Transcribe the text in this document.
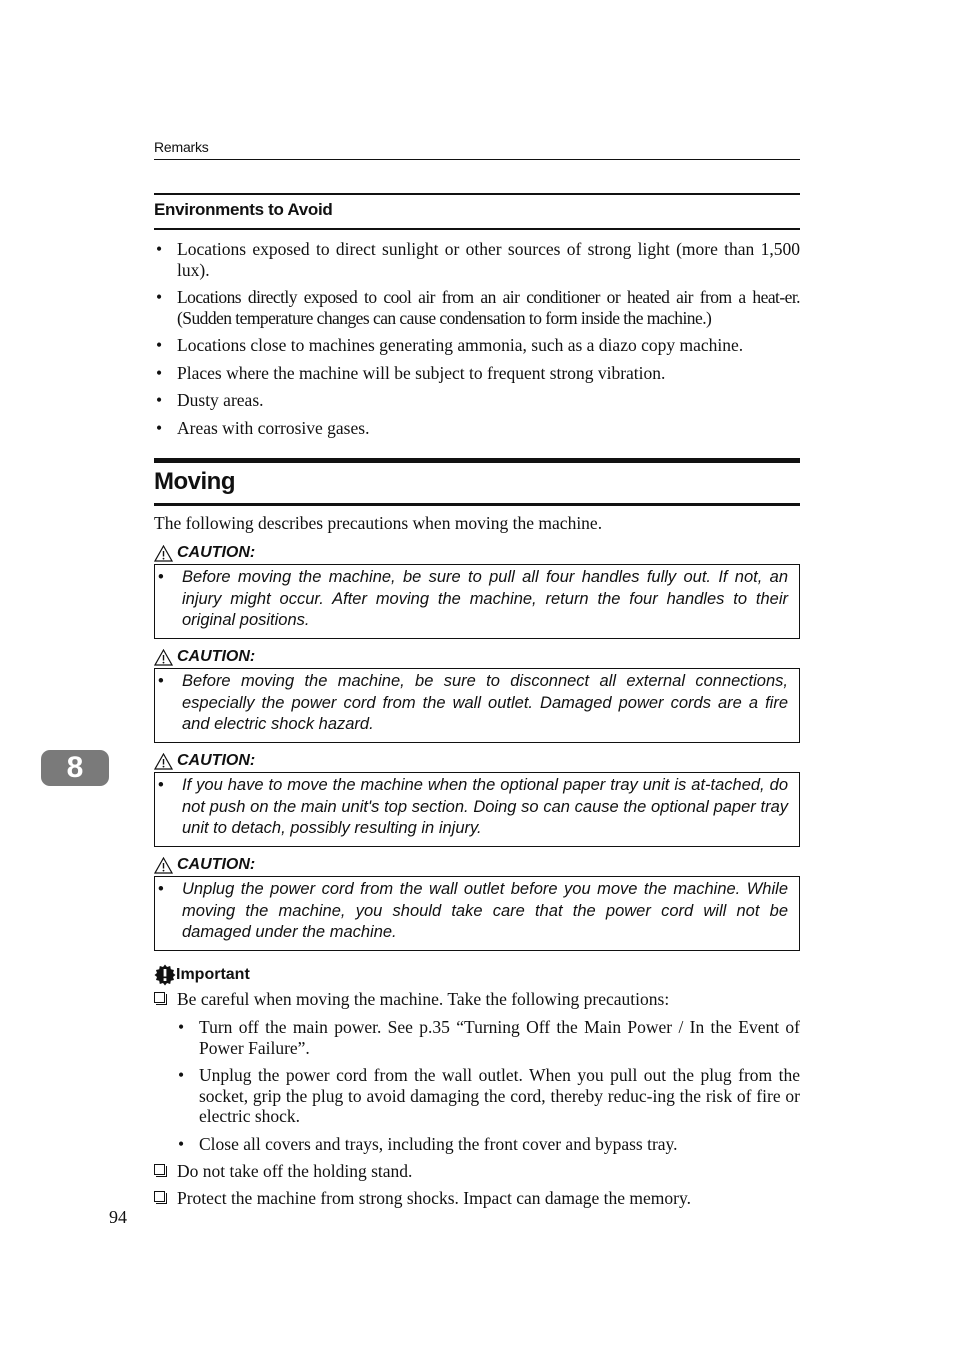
Remarks
Environments to Avoid
• Locations exposed to direct sunlight or other sources of strong light (more than 1,500 lux).
• Locations directly exposed to cool air from an air conditioner or heated air from a heat-er. (Sudden temperature changes can cause condensation to form inside the machine.)
• Locations close to machines generating ammonia, such as a diazo copy machine.
• Places where the machine will be subject to frequent strong vibration.
• Dusty areas.
• Areas with corrosive gases.
Moving
The following describes precautions when moving the machine.
CAUTION:
• Before moving the machine, be sure to pull all four handles fully out. If not, an injury might occur. After moving the machine, return the four handles to their original positions.
CAUTION:
• Before moving the machine, be sure to disconnect all external connections, especially the power cord from the wall outlet. Damaged power cords are a fire and electric shock hazard.
CAUTION:
• If you have to move the machine when the optional paper tray unit is at-tached, do not push on the main unit's top section. Doing so can cause the optional paper tray unit to detach, possibly resulting in injury.
CAUTION:
• Unplug the power cord from the wall outlet before you move the machine. While moving the machine, you should take care that the power cord will not be damaged under the machine.
Important
Be careful when moving the machine. Take the following precautions:
• Turn off the main power. See p.35 “Turning Off the Main Power / In the Event of Power Failure”.
• Unplug the power cord from the wall outlet. When you pull out the plug from the socket, grip the plug to avoid damaging the cord, thereby reduc-ing the risk of fire or electric shock.
• Close all covers and trays, including the front cover and bypass tray.
Do not take off the holding stand.
Protect the machine from strong shocks. Impact can damage the memory.
8
94
